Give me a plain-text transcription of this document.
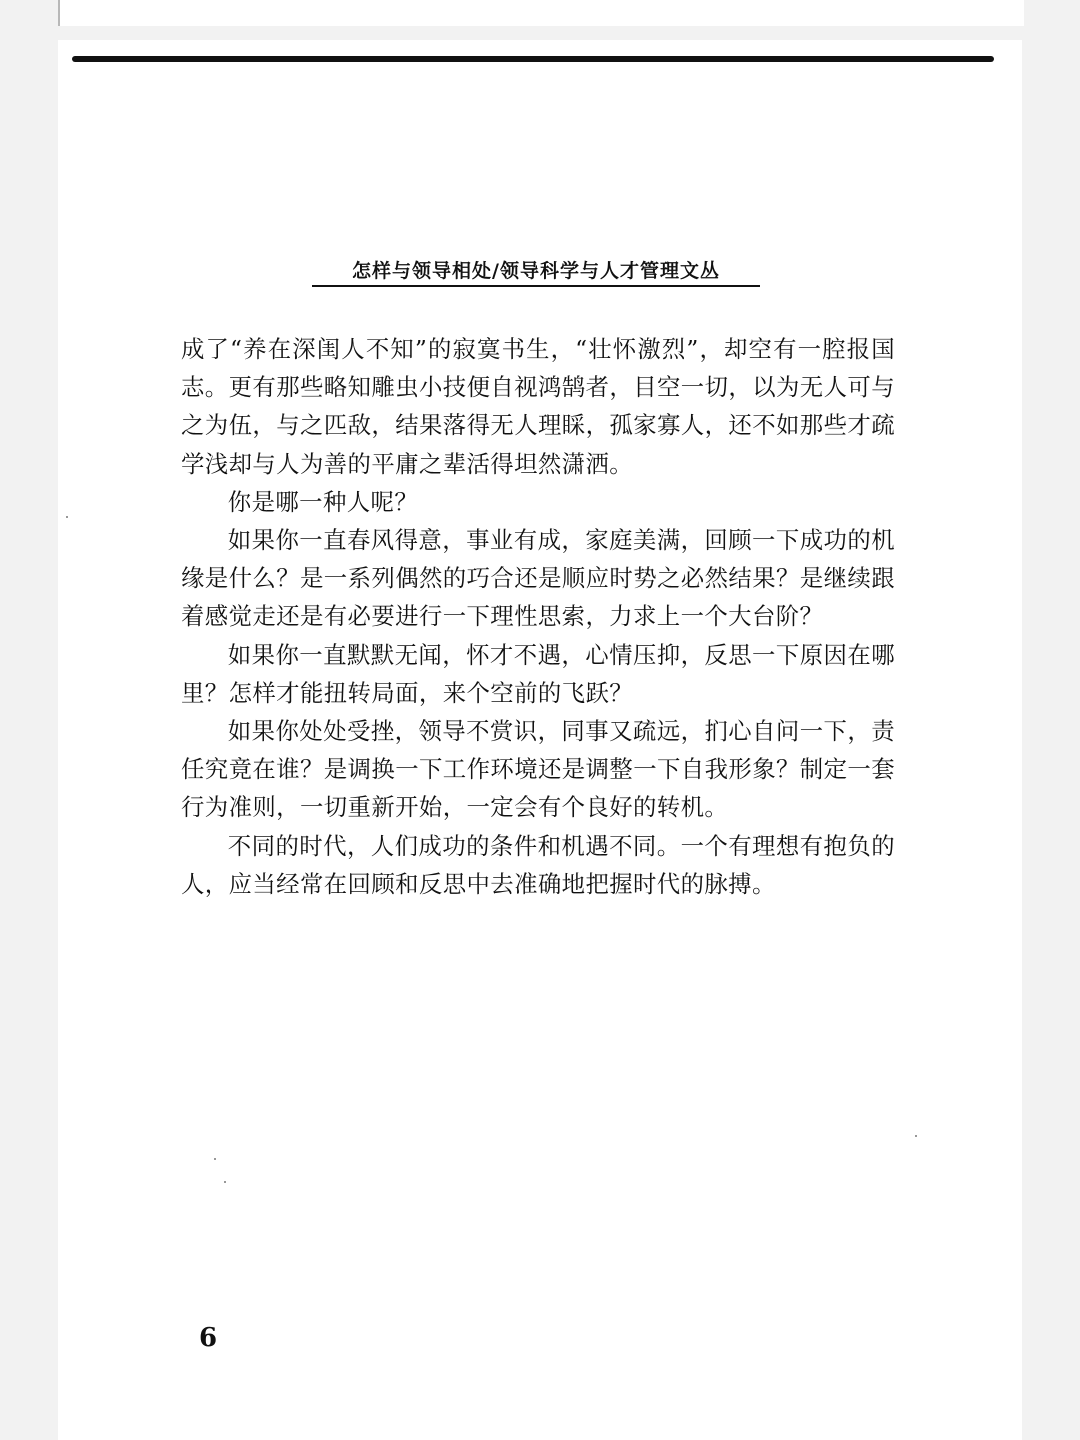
怎样与领导相处/领导科学与人才管理文丛

成了“养在深闺人不知”的寂寞书生，“壮怀激烈”，却空有一腔报国志。更有那些略知雕虫小技便自视鸿鹄者，目空一切，以为无人可与之为伍，与之匹敌，结果落得无人理睬，孤家寡人，还不如那些才疏学浅却与人为善的平庸之辈活得坦然潇洒。

你是哪一种人呢？

如果你一直春风得意，事业有成，家庭美满，回顾一下成功的机缘是什么？是一系列偶然的巧合还是顺应时势之必然结果？是继续跟着感觉走还是有必要进行一下理性思索，力求上一个大台阶？

如果你一直默默无闻，怀才不遇，心情压抑，反思一下原因在哪里？怎样才能扭转局面，来个空前的飞跃？

如果你处处受挫，领导不赏识，同事又疏远，扪心自问一下，责任究竟在谁？是调换一下工作环境还是调整一下自我形象？制定一套行为准则，一切重新开始，一定会有个良好的转机。

不同的时代，人们成功的条件和机遇不同。一个有理想有抱负的人，应当经常在回顾和反思中去准确地把握时代的脉搏。

6
